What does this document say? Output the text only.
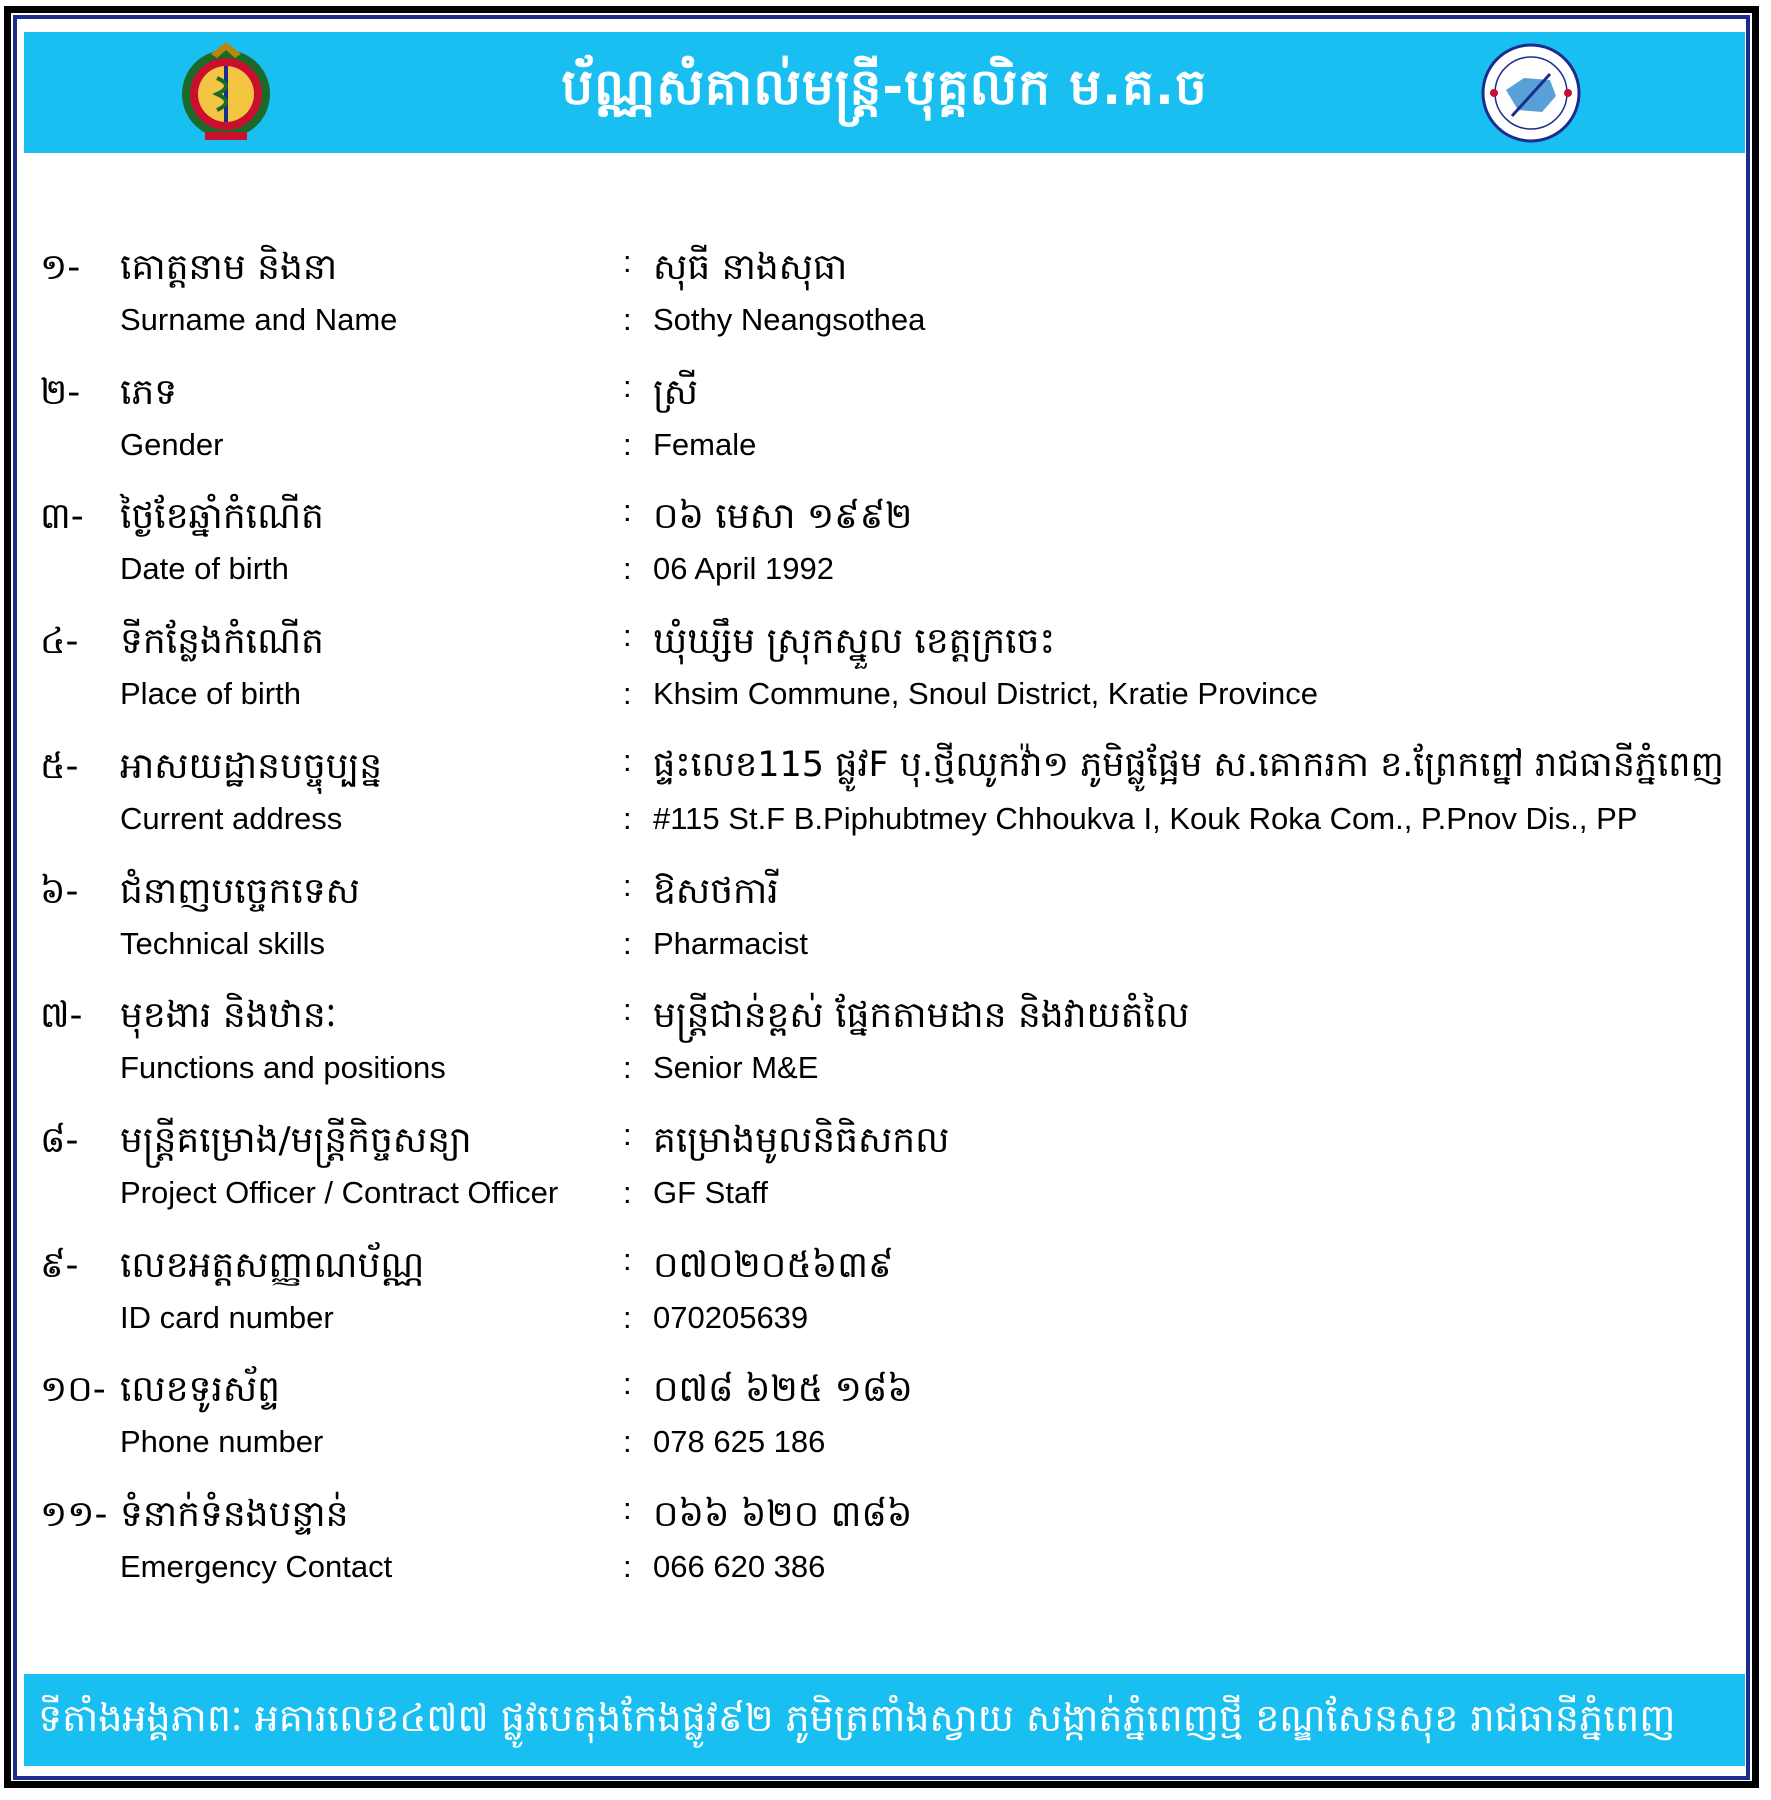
ប័ណ្ណសំគាល់មន្ត្រី-បុគ្គលិក ម.គ.ច
១- គោត្តនាម និងនា	: សុធី នាងសុធា
Surname and Name	: Sothy Neangsothea
២- ភេទ	: ស្រី
Gender	: Female
៣- ថ្ងៃខែឆ្នាំកំណើត	: ០៦ មេសា ១៩៩២
Date of birth	: 06 April 1992
៤- ទីកន្លែងកំណើត	: ឃុំឃ្សឹម ស្រុកស្នួល ខេត្តក្រចេះ
Place of birth	: Khsim Commune, Snoul District, Kratie Province
៥- អាសយដ្ឋានបច្ចុប្បន្ន	: ផ្ទះលេខ115 ផ្លូវF បុ.ថ្មីឈូកវ៉ា១ ភូមិផ្លូផ្អែម ស.គោករកា ខ.ព្រែកព្នៅ រាជធានីភ្នំពេញ
Current address	: #115 St.F B.Piphubtmey Chhoukva I, Kouk Roka Com., P.Pnov Dis., PP
៦- ជំនាញបច្ចេកទេស	: ឱសថការី
Technical skills	: Pharmacist
៧- មុខងារ និងឋានៈ	: មន្ត្រីជាន់ខ្ពស់ ផ្នែកតាមដាន និងវាយតំលៃ
Functions and positions	: Senior M&E
៨- មន្ត្រីគម្រោង/មន្ត្រីកិច្ចសន្យា	: គម្រោងមូលនិធិសកល
Project Officer / Contract Officer : GF Staff
៩- លេខអត្តសញ្ញាណប័ណ្ណ	: ០៧០២០៥៦៣៩
ID card number	: 070205639
១០- លេខទូរស័ព្ទ	: ០៧៨ ៦២៥ ១៨៦
Phone number	: 078 625 186
១១- ទំនាក់ទំនងបន្ទាន់	: ០៦៦ ៦២០ ៣៨៦
Emergency Contact	: 066 620 386
ទីតាំងអង្គភាពៈ អគារលេខ៤៧៧ ផ្លូវបេតុងកែងផ្លូវ៩២ ភូមិត្រពាំងស្វាយ សង្កាត់ភ្នំពេញថ្មី ខណ្ឌសែនសុខ រាជធានីភ្នំពេញ
